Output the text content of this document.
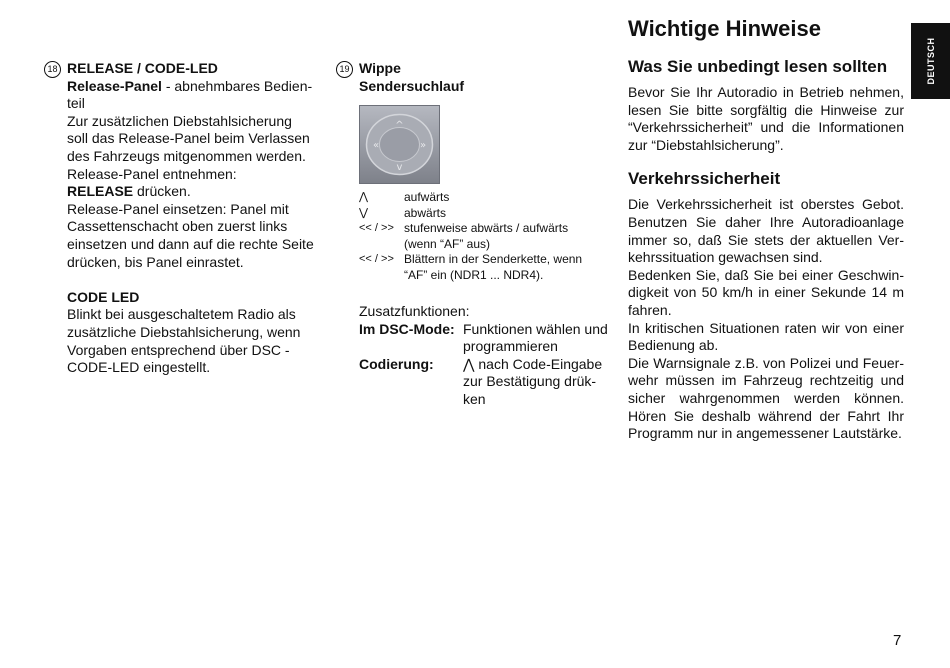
DEUTSCH
18 RELEASE / CODE-LED
Release-Panel - abnehmbares Bedien-
teil
Zur zusätzlichen Diebstahlsicherung
soll das Release-Panel beim Verlassen
des Fahrzeugs mitgenommen werden.
Release-Panel entnehmen:
RELEASE drücken.
Release-Panel einsetzen: Panel mit
Cassettenschacht oben zuerst links
einsetzen und dann auf die rechte Seite
drücken, bis Panel einrastet.
CODE LED
Blinkt bei ausgeschaltetem Radio als
zusätzliche Diebstahlsicherung, wenn
Vorgaben entsprechend über DSC -
CODE-LED eingestellt.
19 Wippe
Sendersuchlauf
^
v
«	»
⋀	aufwärts
⋁	abwärts
<< / >> stufenweise abwärts / aufwärts
(wenn “AF” aus)
<< / >> Blättern in der Senderkette, wenn
“AF” ein (NDR1 ... NDR4).
Zusatzfunktionen:
Im DSC-Mode: Funktionen wählen und
programmieren
Codierung: ⋀ nach Code-Eingabe
zur Bestätigung drük-
ken
Wichtige Hinweise
Was Sie unbedingt lesen sollten
Bevor Sie Ihr Autoradio in Betrieb nehmen,
lesen Sie bitte sorgfältig die Hinweise zur
“Verkehrssicherheit” und die Informationen
zur “Diebstahlsicherung”.
Verkehrssicherheit
Die Verkehrssicherheit ist oberstes Gebot.
Benutzen Sie daher Ihre Autoradioanlage
immer so, daß Sie stets der aktuellen Ver-
kehrssituation gewachsen sind.
Bedenken Sie, daß Sie bei einer Geschwin-
digkeit von 50 km/h in einer Sekunde 14 m
fahren.
In kritischen Situationen raten wir von einer
Bedienung ab.
Die Warnsignale z.B. von Polizei und Feuer-
wehr müssen im Fahrzeug rechtzeitig und
sicher wahrgenommen werden können.
Hören Sie deshalb während der Fahrt Ihr
Programm nur in angemessener Lautstärke.
7
